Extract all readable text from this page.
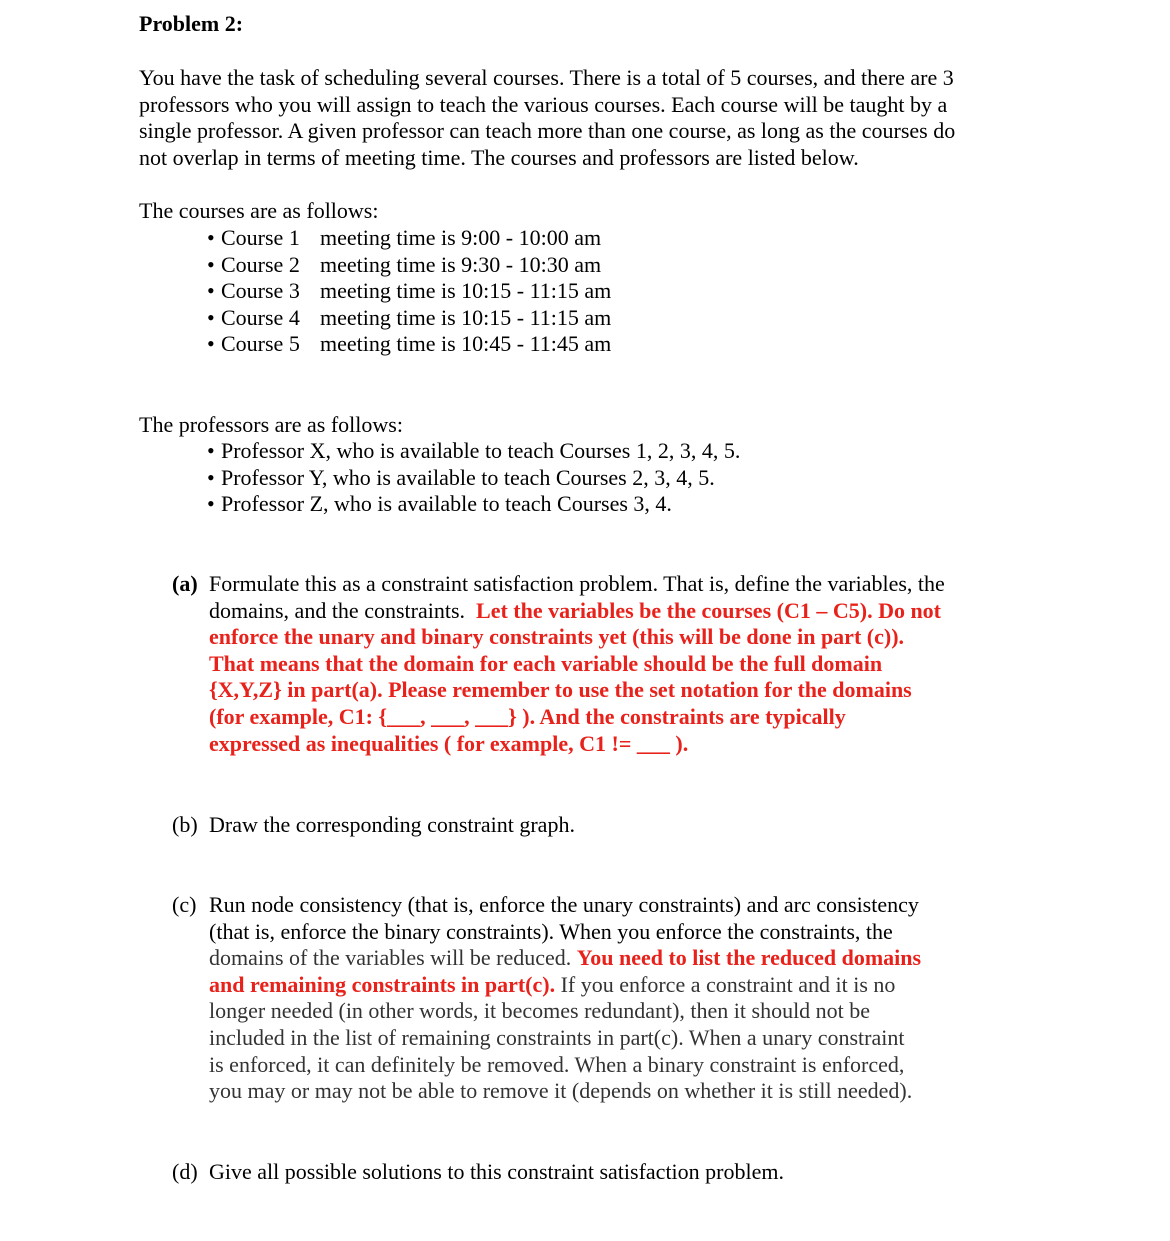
Problem 2:
You have the task of scheduling several courses. There is a total of 5 courses, and there are 3
professors who you will assign to teach the various courses. Each course will be taught by a
single professor. A given professor can teach more than one course, as long as the courses do
not overlap in terms of meeting time. The courses and professors are listed below.
The courses are as follows:
• Course 1 meeting time is 9:00 - 10:00 am
• Course 2 meeting time is 9:30 - 10:30 am
• Course 3 meeting time is 10:15 - 11:15 am
• Course 4 meeting time is 10:15 - 11:15 am
• Course 5 meeting time is 10:45 - 11:45 am
The professors are as follows:
• Professor X, who is available to teach Courses 1, 2, 3, 4, 5.
• Professor Y, who is available to teach Courses 2, 3, 4, 5.
• Professor Z, who is available to teach Courses 3, 4.
(a) Formulate this as a constraint satisfaction problem. That is, define the variables, the
domains, and the constraints. Let the variables be the courses (C1 – C5). Do not
enforce the unary and binary constraints yet (this will be done in part (c)).
That means that the domain for each variable should be the full domain
{X,Y,Z} in part(a). Please remember to use the set notation for the domains
(for example, C1: {___, ___, ___} ). And the constraints are typically
expressed as inequalities ( for example, C1 != ___ ).
(b) Draw the corresponding constraint graph.
(c) Run node consistency (that is, enforce the unary constraints) and arc consistency
(that is, enforce the binary constraints). When you enforce the constraints, the
domains of the variables will be reduced. You need to list the reduced domains
and remaining constraints in part(c). If you enforce a constraint and it is no
longer needed (in other words, it becomes redundant), then it should not be
included in the list of remaining constraints in part(c). When a unary constraint
is enforced, it can definitely be removed. When a binary constraint is enforced,
you may or may not be able to remove it (depends on whether it is still needed).
(d) Give all possible solutions to this constraint satisfaction problem.
